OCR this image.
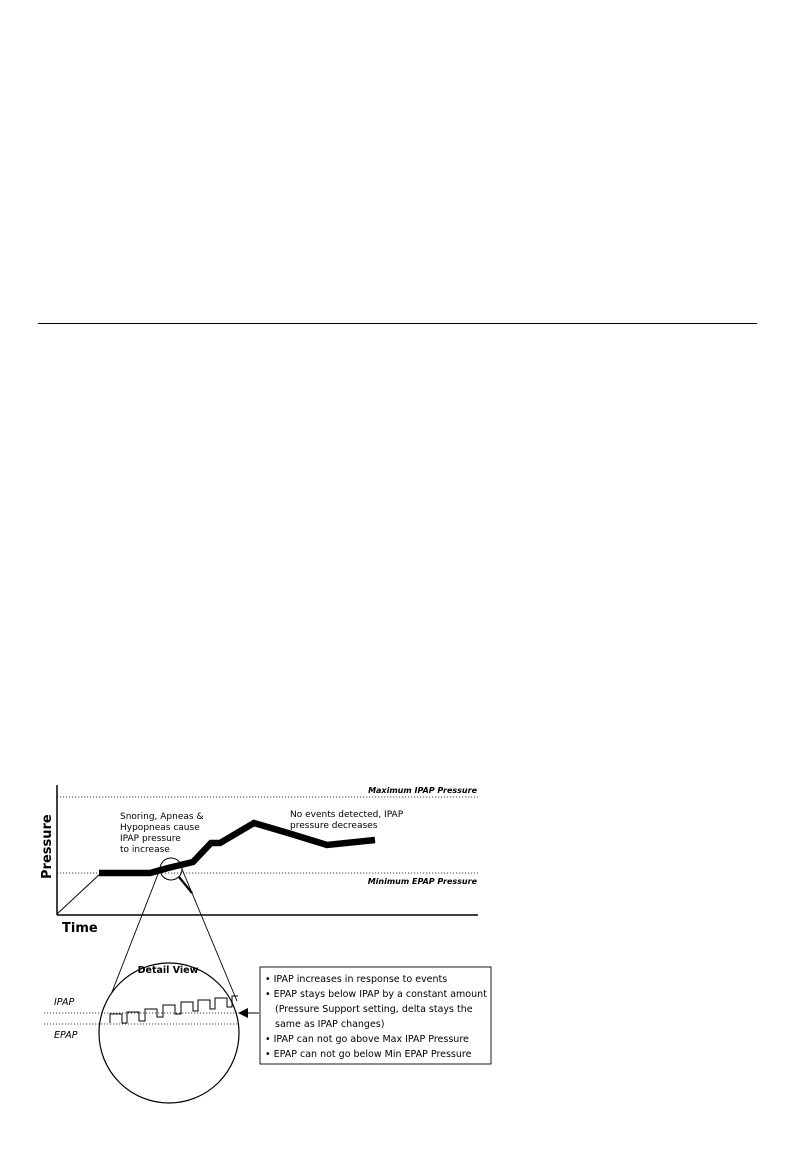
Maximum IPAP Pressure
Minimum EPAP Pressure
Pressure
Time
Snoring, Apneas & Hypopneas cause IPAP pressure to increase
No events detected, IPAP pressure decreases
Detail View
IPAP
EPAP
• IPAP increases in response to events • EPAP stays below IPAP by a constant amount (Pressure Support setting, delta stays the same as IPAP changes) • IPAP can not go above Max IPAP Pressure • EPAP can not go below Min EPAP Pressure
